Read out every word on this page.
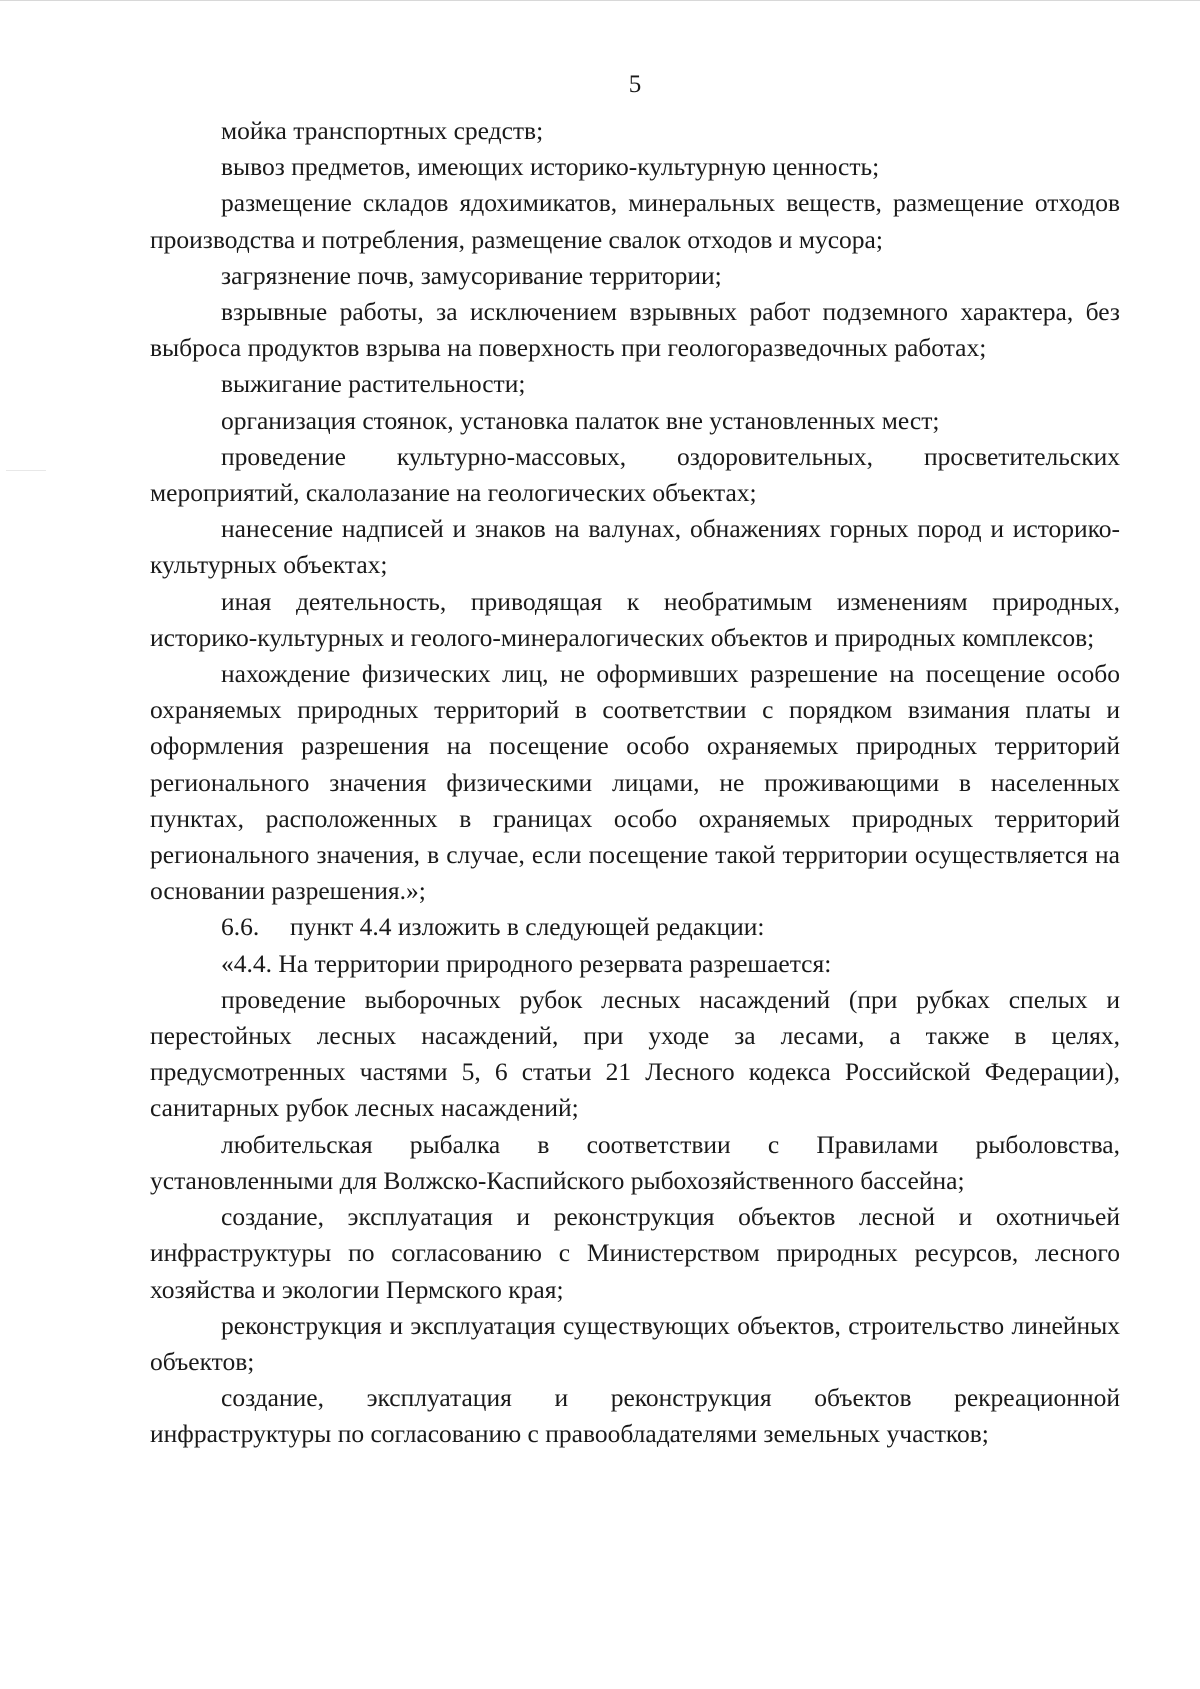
5

мойка транспортных средств;

вывоз предметов, имеющих историко-культурную ценность;

размещение складов ядохимикатов, минеральных веществ, размещение отходов производства и потребления, размещение свалок отходов и мусора;

загрязнение почв, замусоривание территории;

взрывные работы, за исключением взрывных работ подземного характера, без выброса продуктов взрыва на поверхность при геологоразведочных работах;

выжигание растительности;

организация стоянок, установка палаток вне установленных мест;

проведение культурно-массовых, оздоровительных, просветительских мероприятий, скалолазание на геологических объектах;

нанесение надписей и знаков на валунах, обнажениях горных пород и историко-культурных объектах;

иная деятельность, приводящая к необратимым изменениям природных, историко-культурных и геолого-минералогических объектов и природных комплексов;

нахождение физических лиц, не оформивших разрешение на посещение особо охраняемых природных территорий в соответствии с порядком взимания платы и оформления разрешения на посещение особо охраняемых природных территорий регионального значения физическими лицами, не проживающими в населенных пунктах, расположенных в границах особо охраняемых природных территорий регионального значения, в случае, если посещение такой территории осуществляется на основании разрешения.»;

6.6. пункт 4.4 изложить в следующей редакции:

«4.4. На территории природного резервата разрешается:

проведение выборочных рубок лесных насаждений (при рубках спелых и перестойных лесных насаждений, при уходе за лесами, а также в целях, предусмотренных частями 5, 6 статьи 21 Лесного кодекса Российской Федерации), санитарных рубок лесных насаждений;

любительская рыбалка в соответствии с Правилами рыболовства, установленными для Волжско-Каспийского рыбохозяйственного бассейна;

создание, эксплуатация и реконструкция объектов лесной и охотничьей инфраструктуры по согласованию с Министерством природных ресурсов, лесного хозяйства и экологии Пермского края;

реконструкция и эксплуатация существующих объектов, строительство линейных объектов;

создание, эксплуатация и реконструкция объектов рекреационной инфраструктуры по согласованию с правообладателями земельных участков;
